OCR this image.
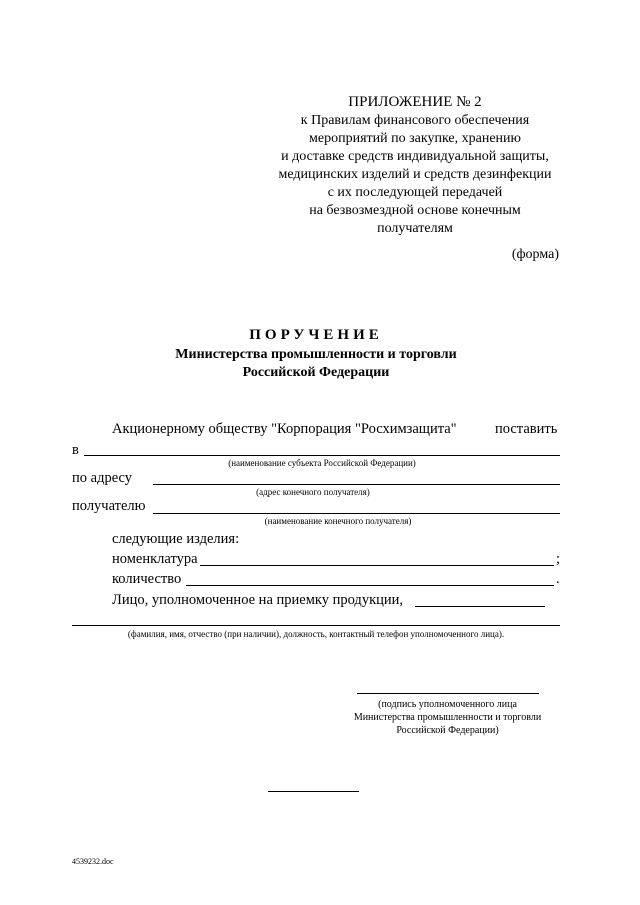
ПРИЛОЖЕНИЕ № 2
к Правилам финансового обеспечения
мероприятий по закупке, хранению
и доставке средств индивидуальной защиты,
медицинских изделий и средств дезинфекции
с их последующей передачей
на безвозмездной основе конечным
получателям
(форма)
ПОРУЧЕНИЕ
Министерства промышленности и торговли
Российской Федерации
Акционерному обществу "Корпорация "Росхимзащита"	поставить
в
(наименование субъекта Российской Федерации)
по адресу
(адрес конечного получателя)
получателю
(наименование конечного получателя)
следующие изделия:
номенклатура	;
количество	.
Лицо, уполномоченное на приемку продукции,
(фамилия, имя, отчество (при наличии), должность, контактный телефон уполномоченного лица).
(подпись уполномоченного лица
Министерства промышленности и торговли
Российской Федерации)
4539232.doc
